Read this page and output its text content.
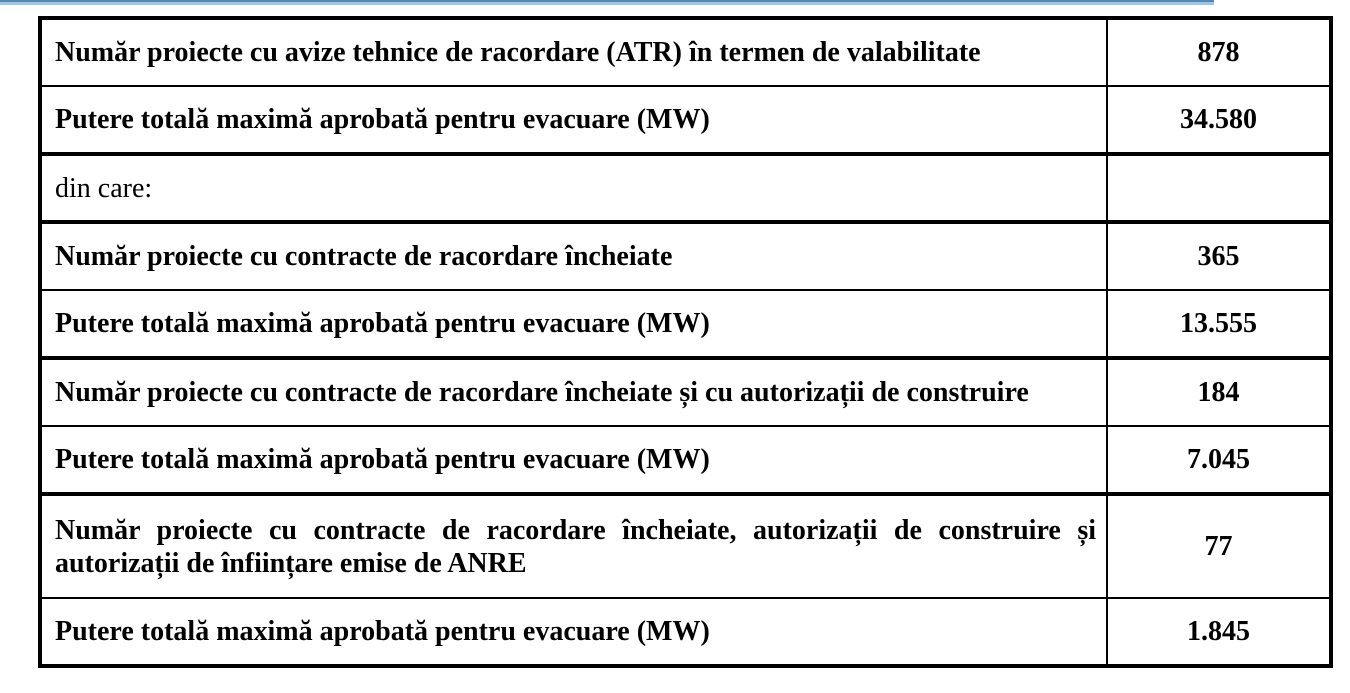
Număr proiecte cu avize tehnice de racordare (ATR) în termen de valabilitate	878
Putere totală maximă aprobată pentru evacuare (MW)	34.580
din care:	
Număr proiecte cu contracte de racordare încheiate	365
Putere totală maximă aprobată pentru evacuare (MW)	13.555
Număr proiecte cu contracte de racordare încheiate și cu autorizații de construire	184
Putere totală maximă aprobată pentru evacuare (MW)	7.045
Număr proiecte cu contracte de racordare încheiate, autorizații de construire și autorizații de înființare emise de ANRE	77
Putere totală maximă aprobată pentru evacuare (MW)	1.845
